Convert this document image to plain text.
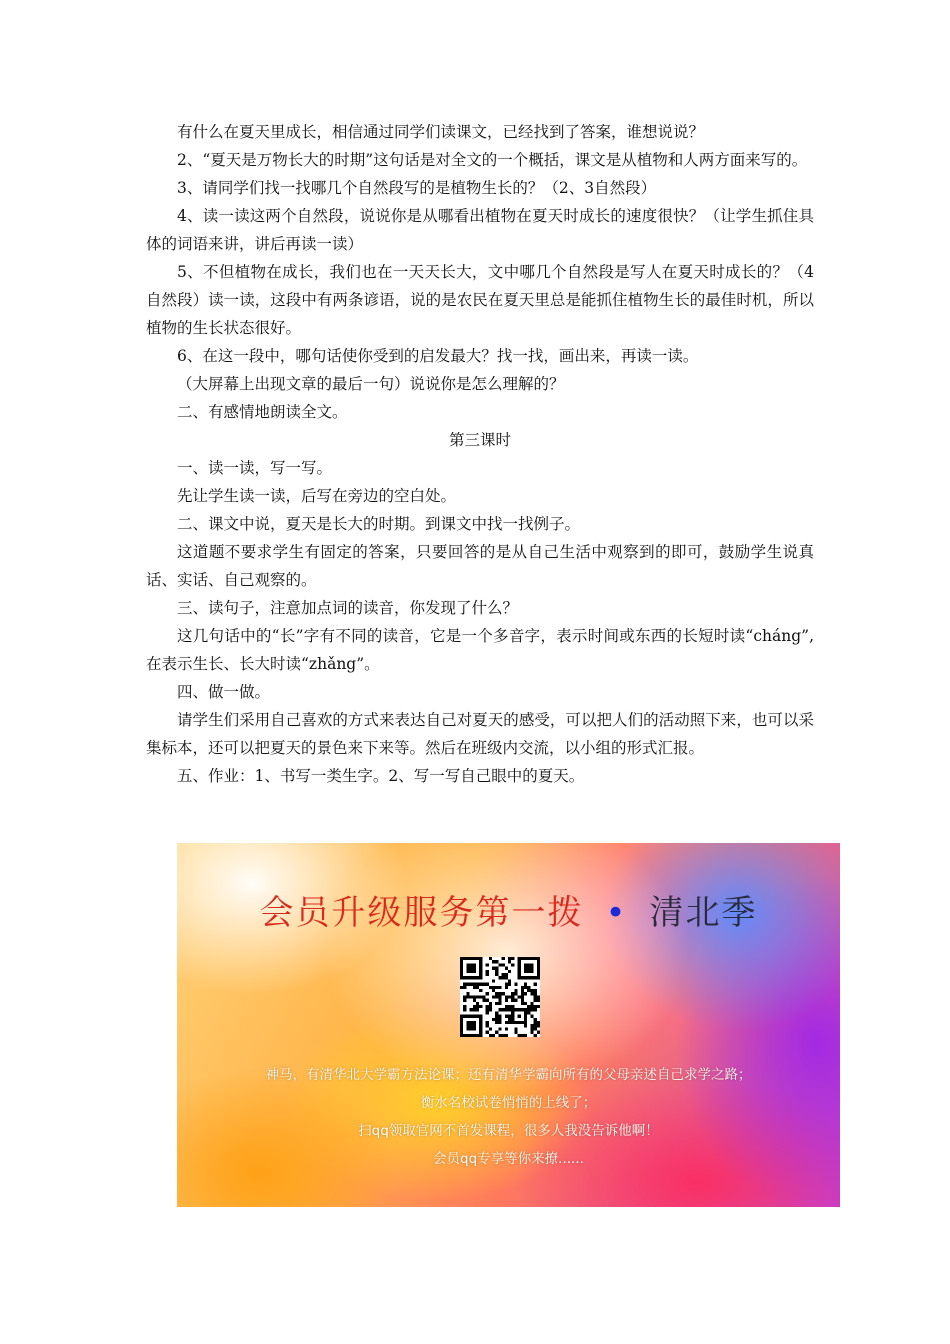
有什么在夏天里成长，相信通过同学们读课文，已经找到了答案，谁想说说？

2、“夏天是万物长大的时期”这句话是对全文的一个概括，课文是从植物和人两方面来写的。

3、请同学们找一找哪几个自然段写的是植物生长的？（2、3自然段）

4、读一读这两个自然段，说说你是从哪看出植物在夏天时成长的速度很快？（让学生抓住具体的词语来讲，讲后再读一读）

5、不但植物在成长，我们也在一天天长大，文中哪几个自然段是写人在夏天时成长的？（4自然段）读一读，这段中有两条谚语，说的是农民在夏天里总是能抓住植物生长的最佳时机，所以植物的生长状态很好。

6、在这一段中，哪句话使你受到的启发最大？找一找，画出来，再读一读。

（大屏幕上出现文章的最后一句）说说你是怎么理解的？

二、有感情地朗读全文。

第三课时

一、读一读，写一写。

先让学生读一读，后写在旁边的空白处。

二、课文中说，夏天是长大的时期。到课文中找一找例子。

这道题不要求学生有固定的答案，只要回答的是从自己生活中观察到的即可，鼓励学生说真话、实话、自己观察的。

三、读句子，注意加点词的读音，你发现了什么？

这几句话中的“长”字有不同的读音，它是一个多音字，表示时间或东西的长短时读“cháng”,在表示生长、长大时读“zhǎng”。

四、做一做。

请学生们采用自己喜欢的方式来表达自己对夏天的感受，可以把人们的活动照下来，也可以采集标本，还可以把夏天的景色来下来等。然后在班级内交流，以小组的形式汇报。

五、作业：1、书写一类生字。2、写一写自己眼中的夏天。

会员升级服务第一拨 • 清北季
神马，有清华北大学霸方法论课；还有清华学霸向所有的父母亲述自己求学之路；
衡水名校试卷悄悄的上线了；
扫qq领取官网不首发课程，很多人我没告诉他啊！
会员qq专享等你来撩......
